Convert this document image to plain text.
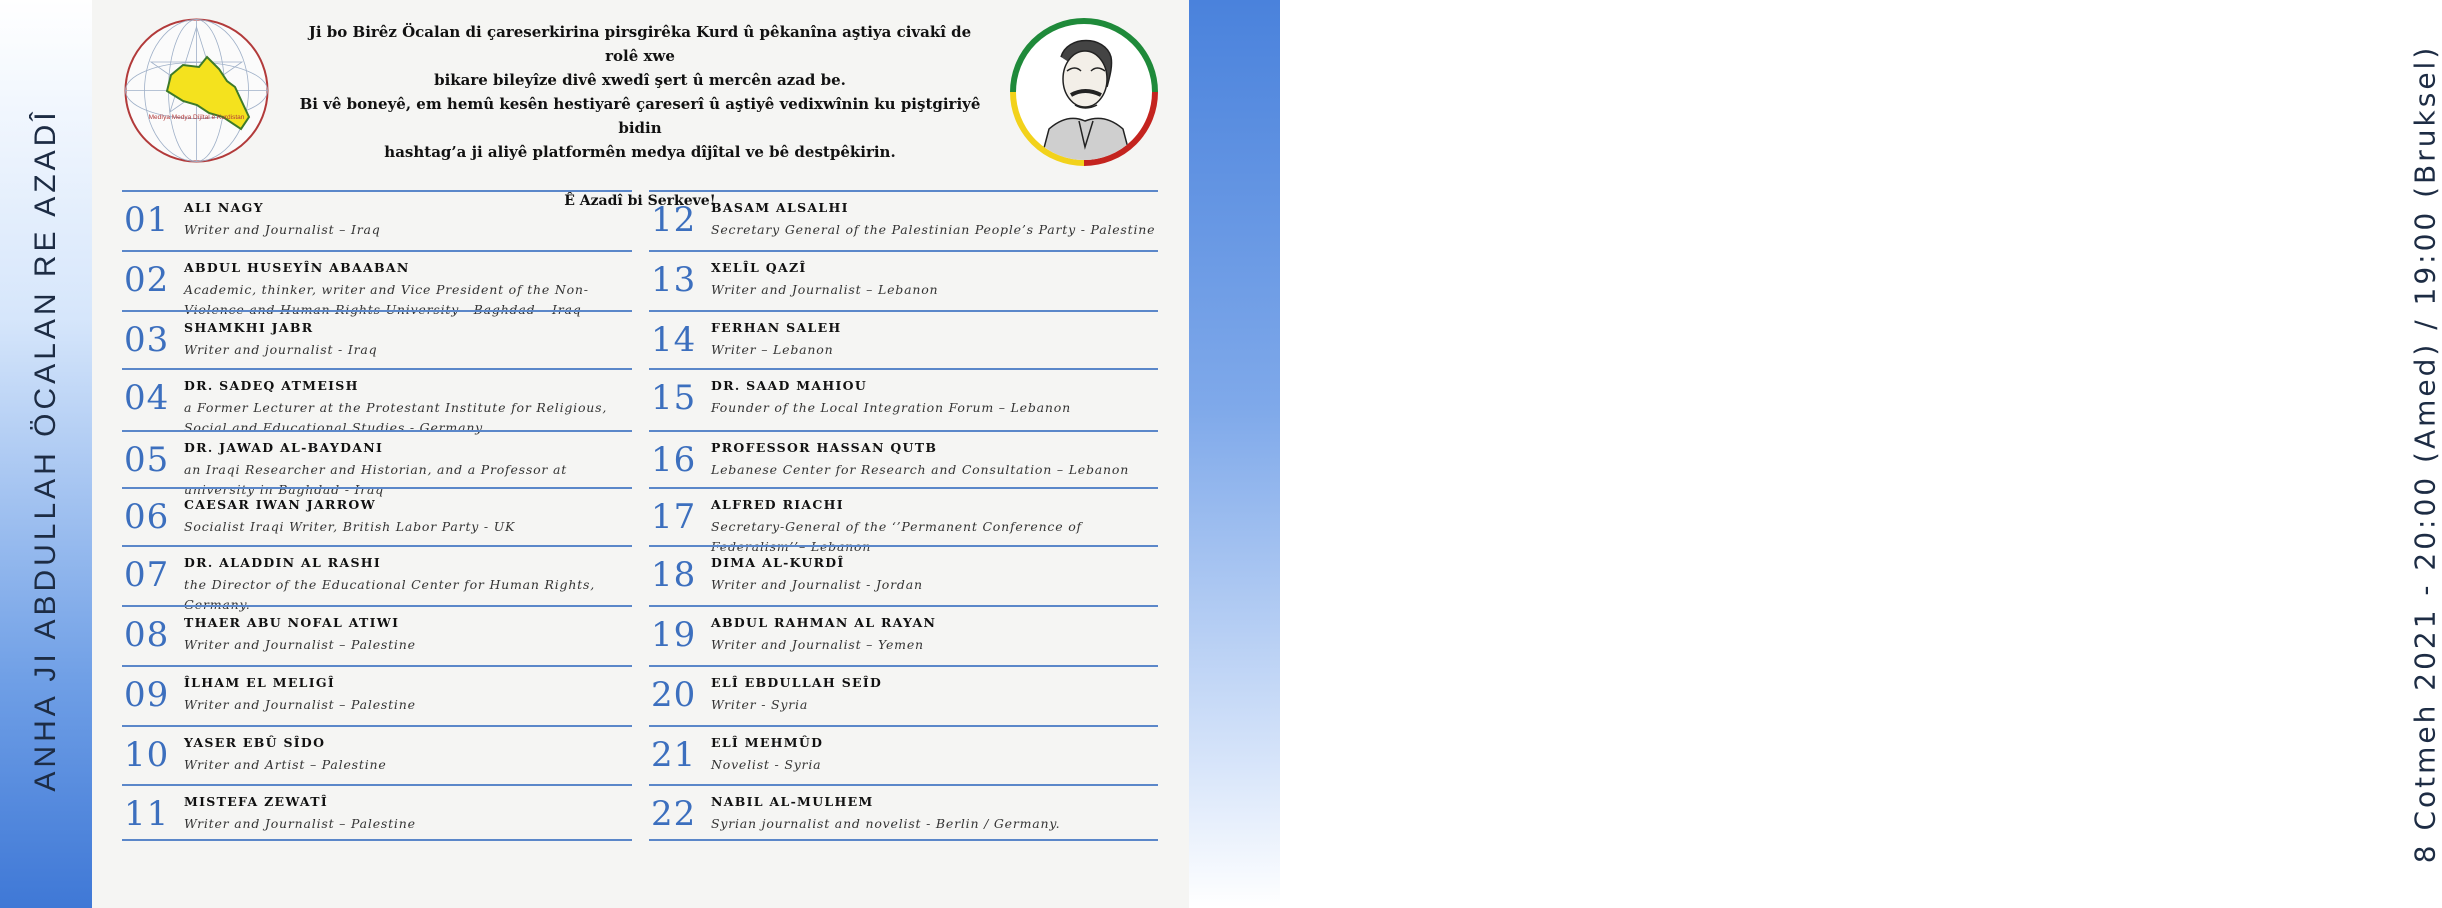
ANHA JI ABDULLAH ÖCALAN RE AZADÎ	8 Cotmeh 2021 - 20:00 (Amed) / 19:00 (Bruksel)
Medîya Medya Dîjîtal ê Kurdistan

Ji bo Birêz Öcalan di çareserkirina pirsgirêka Kurd û pêkanîna aştiya civakî de rolê xwe

bikare bileyîze divê xwedî şert û mercên azad be.

Bi vê boneyê, em hemû kesên hestiyarê çareserî û aştiyê vedixwînin ku piştgiriyê bidin

hashtag’a ji aliyê platformên medya dîjîtal ve bê destpêkirin.

Ê Azadî bi Serkeve!

01 ALI NAGY
Writer and Journalist – Iraq
02 ABDUL HUSEYÎN ABAABAN
Academic, thinker, writer and Vice President of the Non-Violence and Human Rights University - Baghdad – Iraq
03 SHAMKHI JABR
Writer and journalist - Iraq
04 DR. SADEQ ATMEISH
a Former Lecturer at the Protestant Institute for Religious, Social and Educational Studies - Germany
05 DR. JAWAD AL-BAYDANI
an Iraqi Researcher and Historian, and a Professor at university in Baghdad - Iraq
06 CAESAR IWAN JARROW
Socialist Iraqi Writer, British Labor Party - UK
07 DR. ALADDIN AL RASHI
the Director of the Educational Center for Human Rights, Germany.
08 THAER ABU NOFAL ATIWI
Writer and Journalist – Palestine
09 ÎLHAM EL MELIGÎ
Writer and Journalist – Palestine
10 YASER EBÛ SÎDO
Writer and Artist – Palestine
11 MISTEFA ZEWATÎ
Writer and Journalist – Palestine
12 BASAM ALSALHI
Secretary General of the Palestinian People’s Party - Palestine
13 XELÎL QAZÎ
Writer and Journalist – Lebanon
14 FERHAN SALEH
Writer – Lebanon
15 DR. SAAD MAHIOU
Founder of the Local Integration Forum – Lebanon
16 PROFESSOR HASSAN QUTB
Lebanese Center for Research and Consultation – Lebanon
17 ALFRED RIACHI
Secretary-General of the ‘’Permanent Conference of Federalism’’– Lebanon
18 DIMA AL-KURDÎ
Writer and Journalist - Jordan
19 ABDUL RAHMAN AL RAYAN
Writer and Journalist – Yemen
20 ELÎ EBDULLAH SEÎD
Writer - Syria
21 ELÎ MEHMÛD
Novelist - Syria
22 NABIL AL-MULHEM
Syrian journalist and novelist - Berlin / Germany.
